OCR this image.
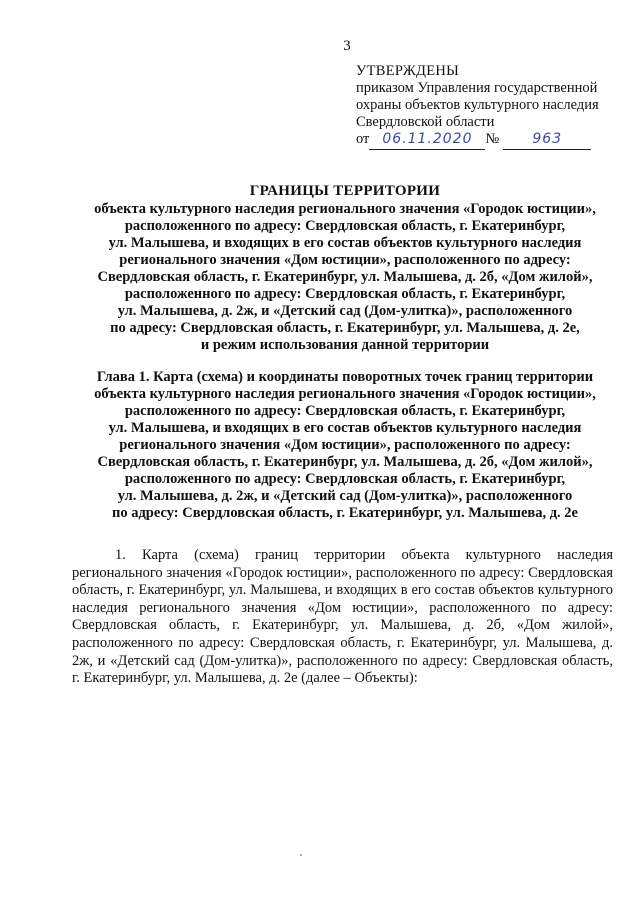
3
УТВЕРЖДЕНЫ
приказом Управления государственной
охраны объектов культурного наследия
Свердловской области
от 06.11.2020 № 963
ГРАНИЦЫ ТЕРРИТОРИИ
объекта культурного наследия регионального значения «Городок юстиции»,
расположенного по адресу: Свердловская область, г. Екатеринбург,
ул. Малышева, и входящих в его состав объектов культурного наследия
регионального значения «Дом юстиции», расположенного по адресу:
Свердловская область, г. Екатеринбург, ул. Малышева, д. 2б, «Дом жилой»,
расположенного по адресу: Свердловская область, г. Екатеринбург,
ул. Малышева, д. 2ж, и «Детский сад (Дом-улитка)», расположенного
по адресу: Свердловская область, г. Екатеринбург, ул. Малышева, д. 2е,
и режим использования данной территории
Глава 1. Карта (схема) и координаты поворотных точек границ территории
объекта культурного наследия регионального значения «Городок юстиции»,
расположенного по адресу: Свердловская область, г. Екатеринбург,
ул. Малышева, и входящих в его состав объектов культурного наследия
регионального значения «Дом юстиции», расположенного по адресу:
Свердловская область, г. Екатеринбург, ул. Малышева, д. 2б, «Дом жилой»,
расположенного по адресу: Свердловская область, г. Екатеринбург,
ул. Малышева, д. 2ж, и «Детский сад (Дом-улитка)», расположенного
по адресу: Свердловская область, г. Екатеринбург, ул. Малышева, д. 2е
1. Карта (схема) границ территории объекта культурного наследия регионального значения «Городок юстиции», расположенного по адресу: Свердловская область, г. Екатеринбург, ул. Малышева, и входящих в его состав объектов культурного наследия регионального значения «Дом юстиции», расположенного по адресу: Свердловская область, г. Екатеринбург, ул. Малышева, д. 2б, «Дом жилой», расположенного по адресу: Свердловская область, г. Екатеринбург, ул. Малышева, д. 2ж, и «Детский сад (Дом-улитка)», расположенного по адресу: Свердловская область, г. Екатеринбург, ул. Малышева, д. 2е (далее – Объекты):
